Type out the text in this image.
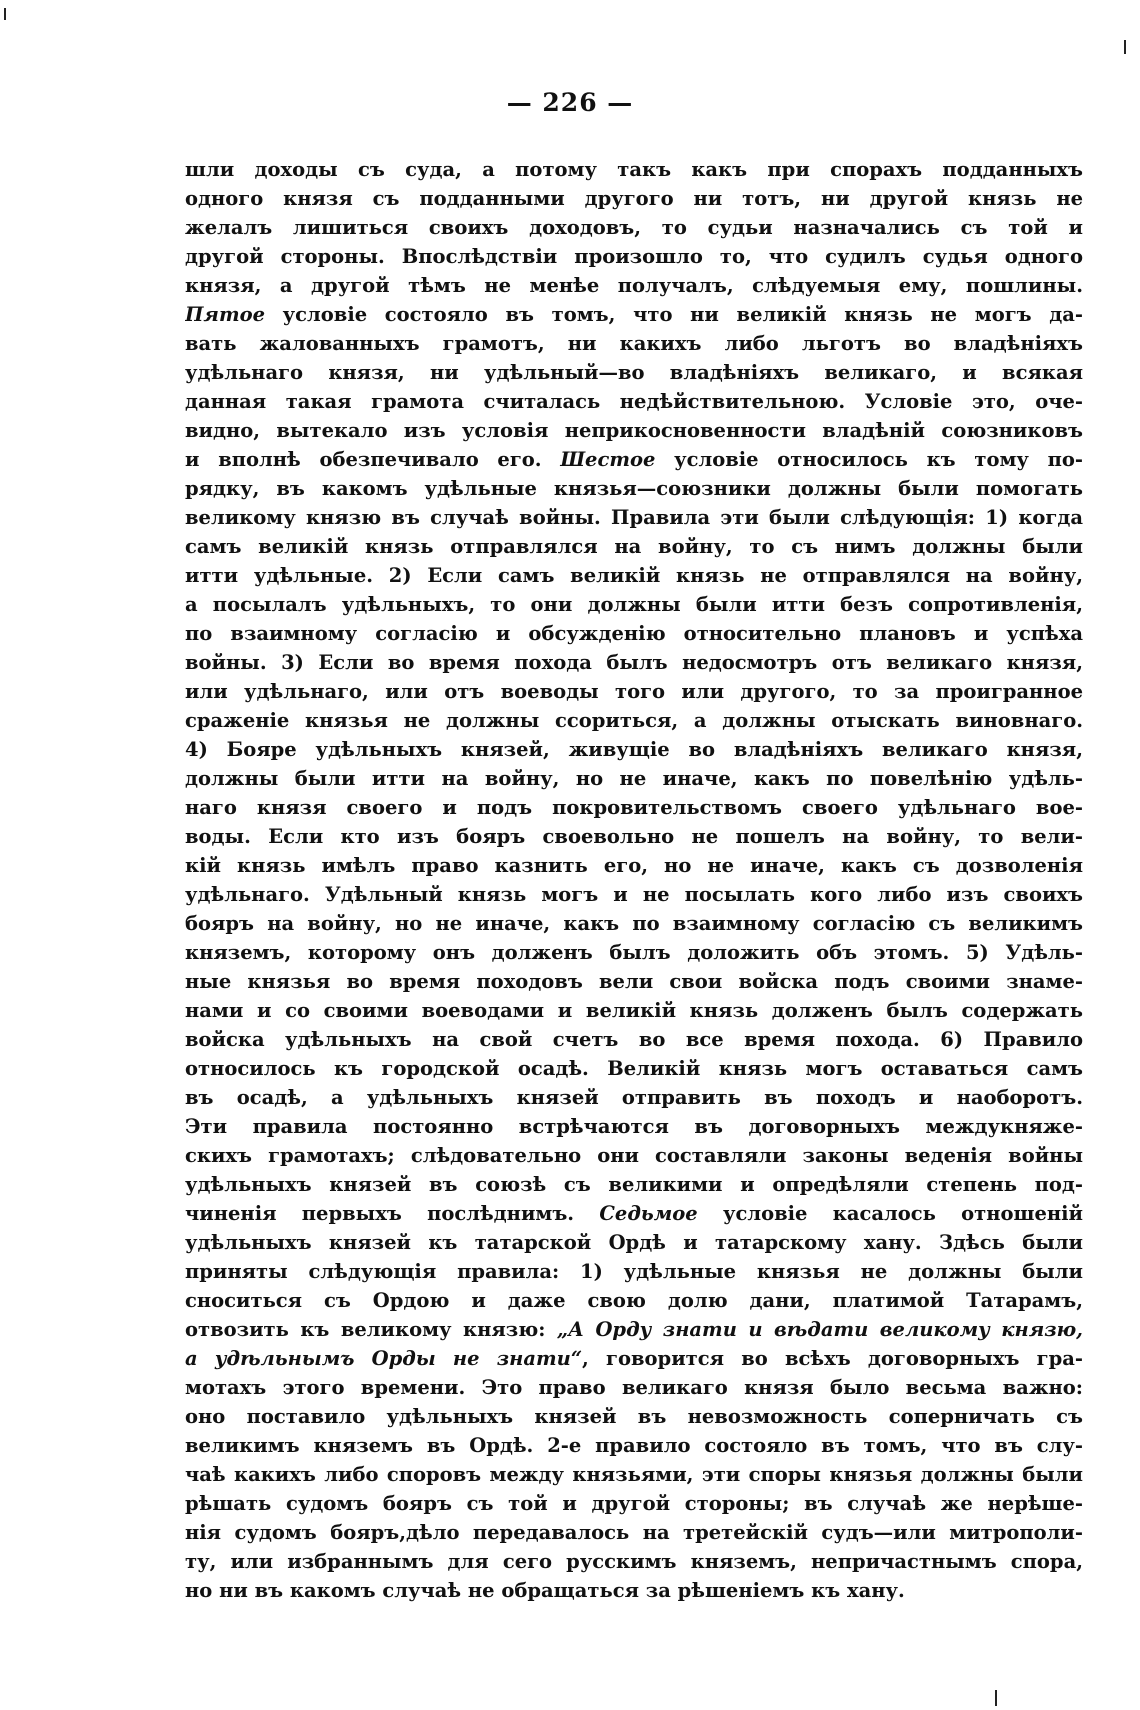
— 226 —
шли доходы съ суда, а потому такъ какъ при спорахъ подданныхъ
одного князя съ подданными другого ни тотъ, ни другой князь не
желалъ лишиться своихъ доходовъ, то судьи назначались съ той и
другой стороны. Впослѣдствіи произошло то, что судилъ судья одного
князя, а другой тѣмъ не менѣе получалъ, слѣдуемыя ему, пошлины.
Пятое условіе состояло въ томъ, что ни великій князь не могъ да-
вать жалованныхъ грамотъ, ни какихъ либо льготъ во владѣніяхъ
удѣльнаго князя, ни удѣльный—во владѣніяхъ великаго, и всякая
данная такая грамота считалась недѣйствительною. Условіе это, оче-
видно, вытекало изъ условія неприкосновенности владѣній союзниковъ
и вполнѣ обезпечивало его. Шестое условіе относилось къ тому по-
рядку, въ какомъ удѣльные князья—союзники должны были помогать
великому князю въ случаѣ войны. Правила эти были слѣдующія: 1) когда
самъ великій князь отправлялся на войну, то съ нимъ должны были
итти удѣльные. 2) Если самъ великій князь не отправлялся на войну,
а посылалъ удѣльныхъ, то они должны были итти безъ сопротивленія,
по взаимному согласію и обсужденію относительно плановъ и успѣха
войны. 3) Если во время похода былъ недосмотръ отъ великаго князя,
или удѣльнаго, или отъ воеводы того или другого, то за проигранное
сраженіе князья не должны ссориться, а должны отыскать виновнаго.
4) Бояре удѣльныхъ князей, живущіе во владѣніяхъ великаго князя,
должны были итти на войну, но не иначе, какъ по повелѣнію удѣль-
наго князя своего и подъ покровительствомъ своего удѣльнаго вое-
воды. Если кто изъ бояръ своевольно не пошелъ на войну, то вели-
кій князь имѣлъ право казнить его, но не иначе, какъ съ дозволенія
удѣльнаго. Удѣльный князь могъ и не посылать кого либо изъ своихъ
бояръ на войну, но не иначе, какъ по взаимному согласію съ великимъ
княземъ, которому онъ долженъ былъ доложить объ этомъ. 5) Удѣль-
ные князья во время походовъ вели свои войска подъ своими знаме-
нами и со своими воеводами и великій князь долженъ былъ содержать
войска удѣльныхъ на свой счетъ во все время похода. 6) Правило
относилось къ городской осадѣ. Великій князь могъ оставаться самъ
въ осадѣ, а удѣльныхъ князей отправить въ походъ и наоборотъ.
Эти правила постоянно встрѣчаются въ договорныхъ междукняже-
скихъ грамотахъ; слѣдовательно они составляли законы веденія войны
удѣльныхъ князей въ союзѣ съ великими и опредѣляли степень под-
чиненія первыхъ послѣднимъ. Седьмое условіе касалось отношеній
удѣльныхъ князей къ татарской Ордѣ и татарскому хану. Здѣсь были
приняты слѣдующія правила: 1) удѣльные князья не должны были
сноситься съ Ордою и даже свою долю дани, платимой Татарамъ,
отвозить къ великому князю: „А Орду знати и вѣдати великому князю,
а удѣльнымъ Орды не знати“, говорится во всѣхъ договорныхъ гра-
мотахъ этого времени. Это право великаго князя было весьма важно:
оно поставило удѣльныхъ князей въ невозможность соперничать съ
великимъ княземъ въ Ордѣ. 2-е правило состояло въ томъ, что въ слу-
чаѣ какихъ либо споровъ между князьями, эти споры князья должны были
рѣшать судомъ бояръ съ той и другой стороны; въ случаѣ же нерѣше-
нія судомъ бояръ,дѣло передавалось на третейскій судъ—или митрополи-
ту, или избраннымъ для сего русскимъ княземъ, непричастнымъ спора,
но ни въ какомъ случаѣ не обращаться за рѣшеніемъ къ хану.
